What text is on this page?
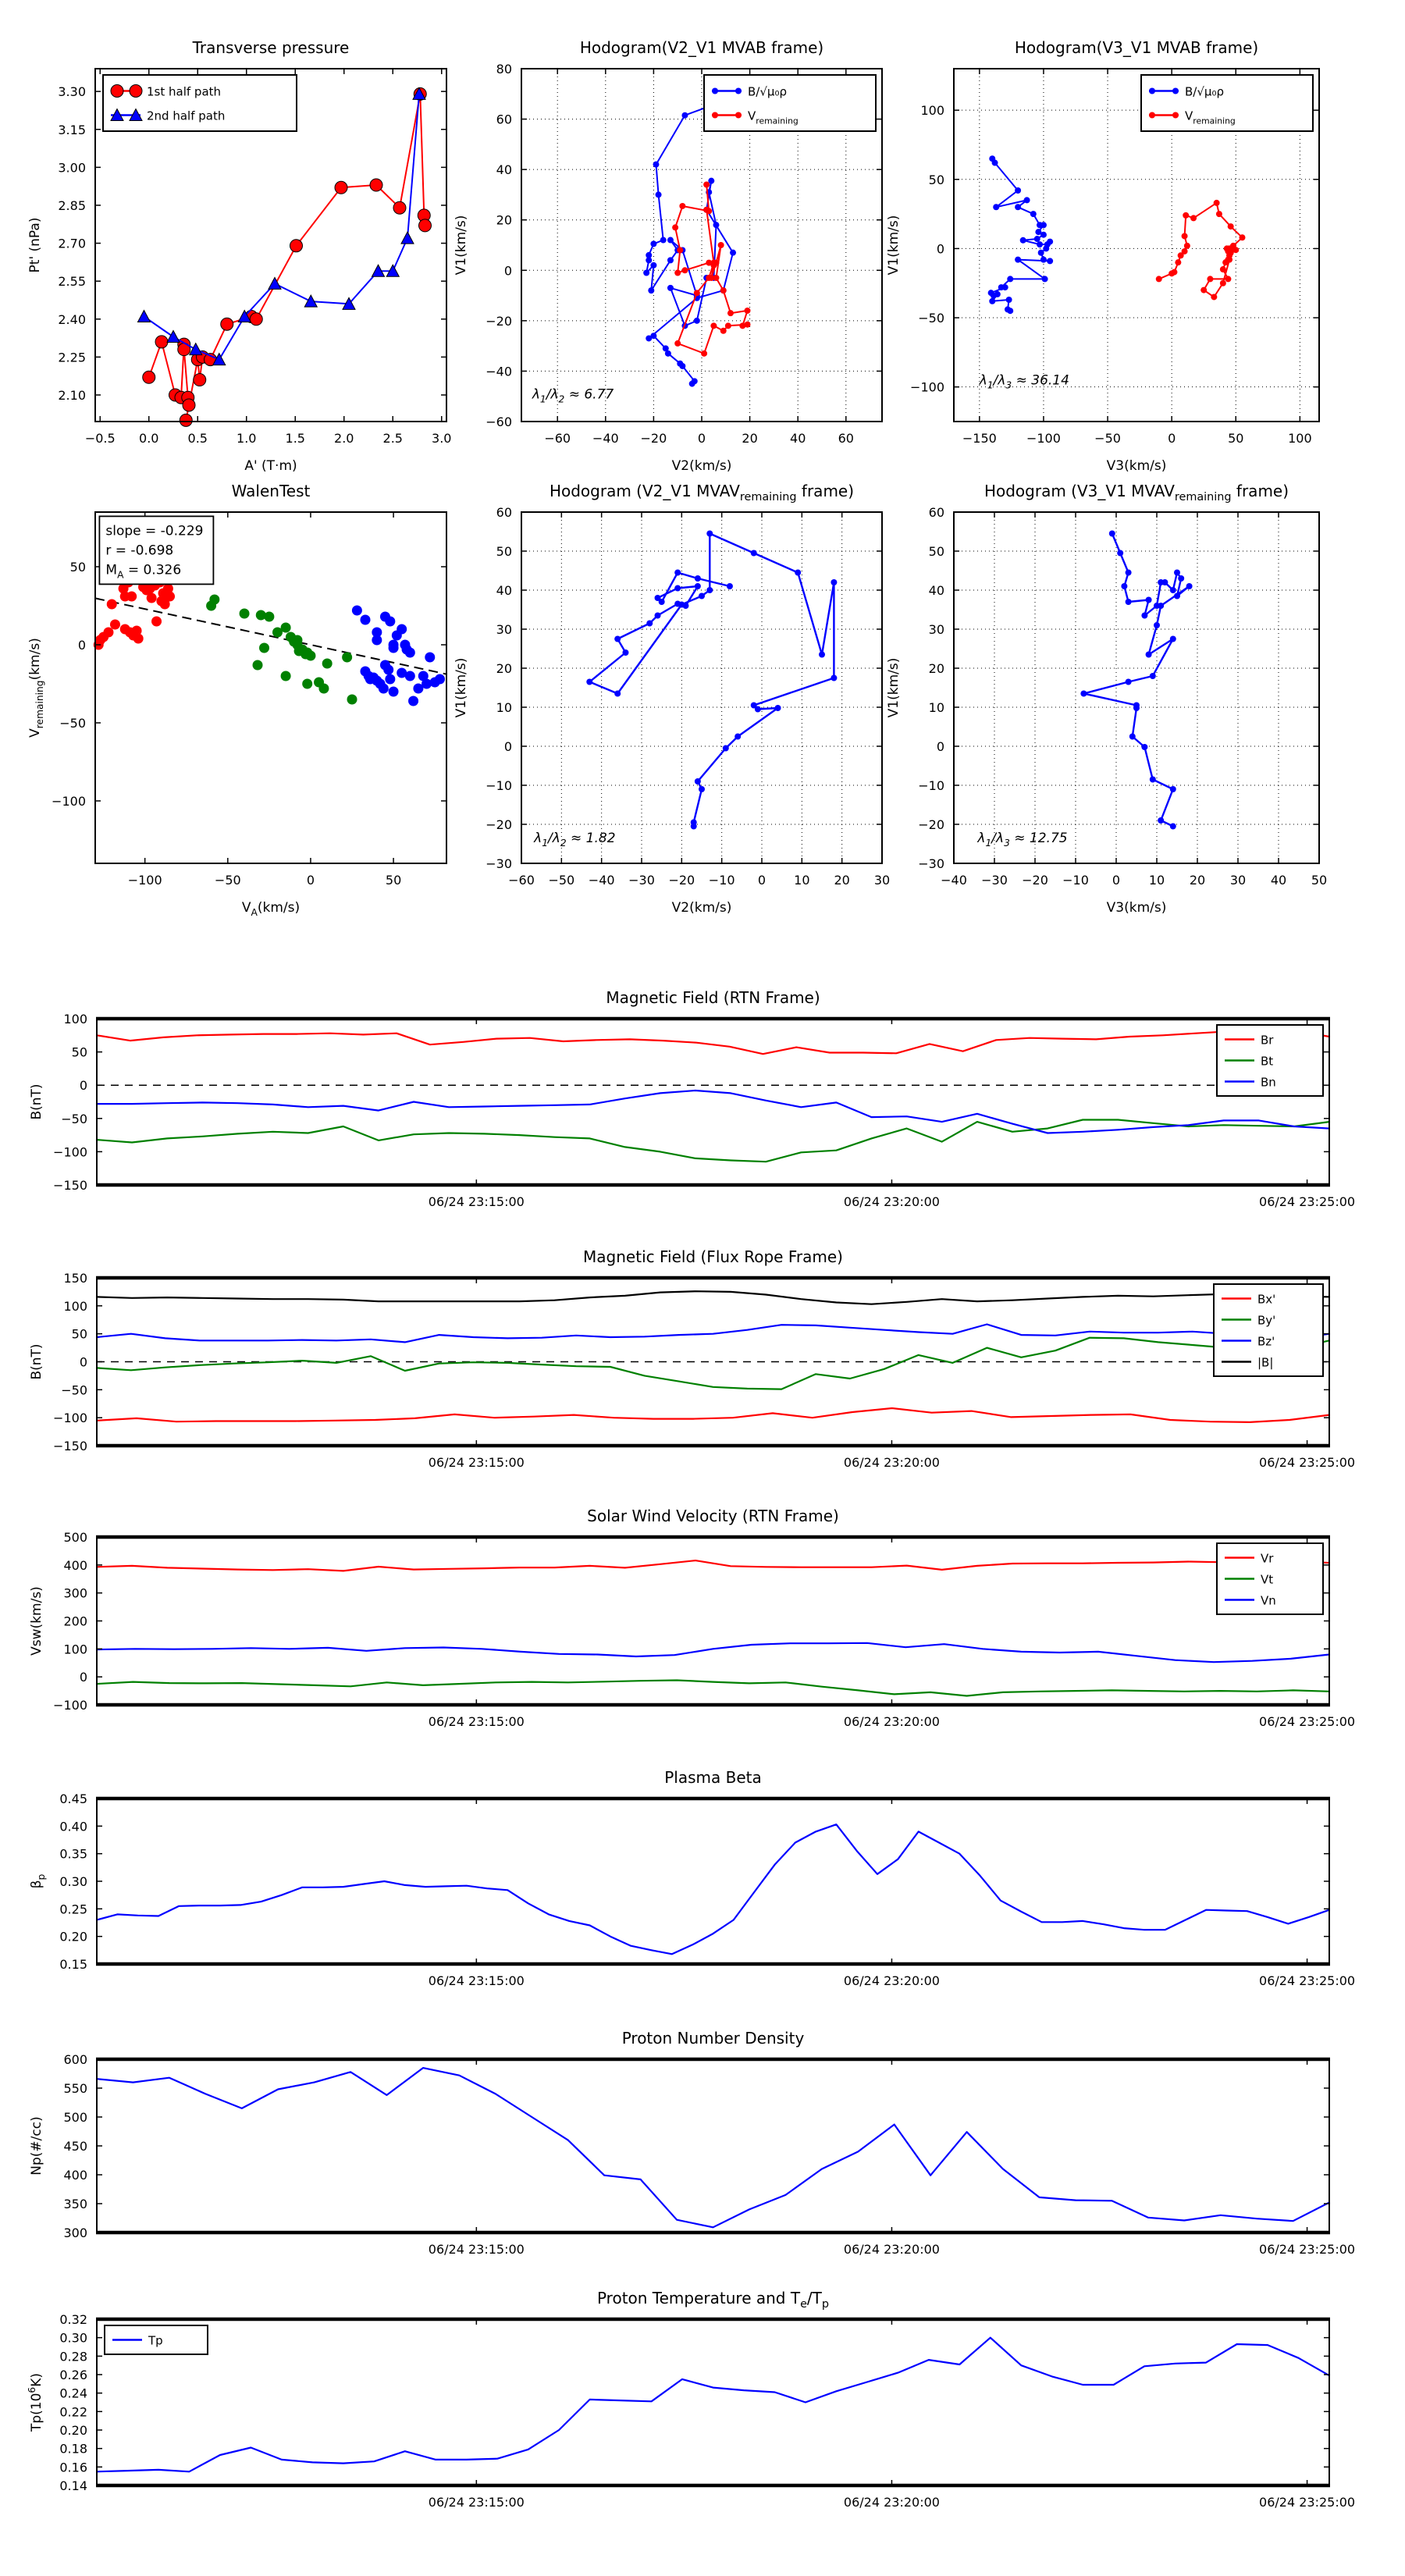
−0.5 0.0 0.5 1.0 1.5 2.0 2.5 3.0
2.10
2.25
2.40
2.55
2.70
2.85
3.00
3.15
3.30
Transverse pressure
A' (T·m)
Pt' (nPa)
1st half path
2nd half path
−60 −40 −20 0	20	40	60
−60
−40
−20
0
20
40
60
80
Hodogram(V2_V1 MVAB frame)
V2(km/s)
V1(km/s)
$\lambda_1/\lambda_2 \approx 6.77$
B/√μ₀ρ
$V_{remaining}$
−150 −100	−50	0	50	100
−100
−50
0
50
100
Hodogram(V3_V1 MVAB frame)
V3(km/s)
V1(km/s)
$\lambda_1/\lambda_3 \approx 36.14$
B/√μ₀ρ
$V_{remaining}$
−100	−50	0	50
−100
−50
0
50
WalenTest
$V_A(km/s)$
$V_{remaining}(km/s)$
slope = -0.229
r = -0.698
$M_A = 0.326$
−60 −50 −40 −30 −20 −10 0 10 20 30
−30
−20
−10
0
10
20
30
40
50
60
Hodogram (V2_V1 $MVAV_{remaining}$ frame)
V2(km/s)
V1(km/s)
$\lambda_1/\lambda_2 \approx 1.82$
−40 −30 −20 −10 0 10 20 30 40 50
−30
−20
−10
0
10
20
30
40
50
60
Hodogram (V3_V1 $MVAV_{remaining}$ frame)
V3(km/s)
V1(km/s)
$\lambda_1/\lambda_3 \approx 12.75$
06/24 23:15:00	06/24 23:20:00	06/24 23:25:00
−150
−100
−50
0
50
100
Magnetic Field (RTN Frame)
B(nT)
Br
Bt
Bn
06/24 23:15:00	06/24 23:20:00	06/24 23:25:00
−150
−100
−50
0
50
100
150
Magnetic Field (Flux Rope Frame)
B(nT)
Bx'
By'
Bz'
|B|
06/24 23:15:00	06/24 23:20:00	06/24 23:25:00
−100
0
100
200
300
400
500
Solar Wind Velocity (RTN Frame)
Vsw(km/s)
Vr
Vt
Vn
06/24 23:15:00	06/24 23:20:00	06/24 23:25:00
0.15
0.20
0.25
0.30
0.35
0.40
0.45
Plasma Beta
$\beta_p$
06/24 23:15:00	06/24 23:20:00	06/24 23:25:00
300
350
400
450
500
550
600
Proton Number Density
Np(#/cc)
06/24 23:15:00	06/24 23:20:00	06/24 23:25:00
0.14
0.16
0.18
0.20
0.22
0.24
0.26
0.28
0.30
0.32
Proton Temperature and $T_e/T_p$
$Tp(10^6K)$
Tp
